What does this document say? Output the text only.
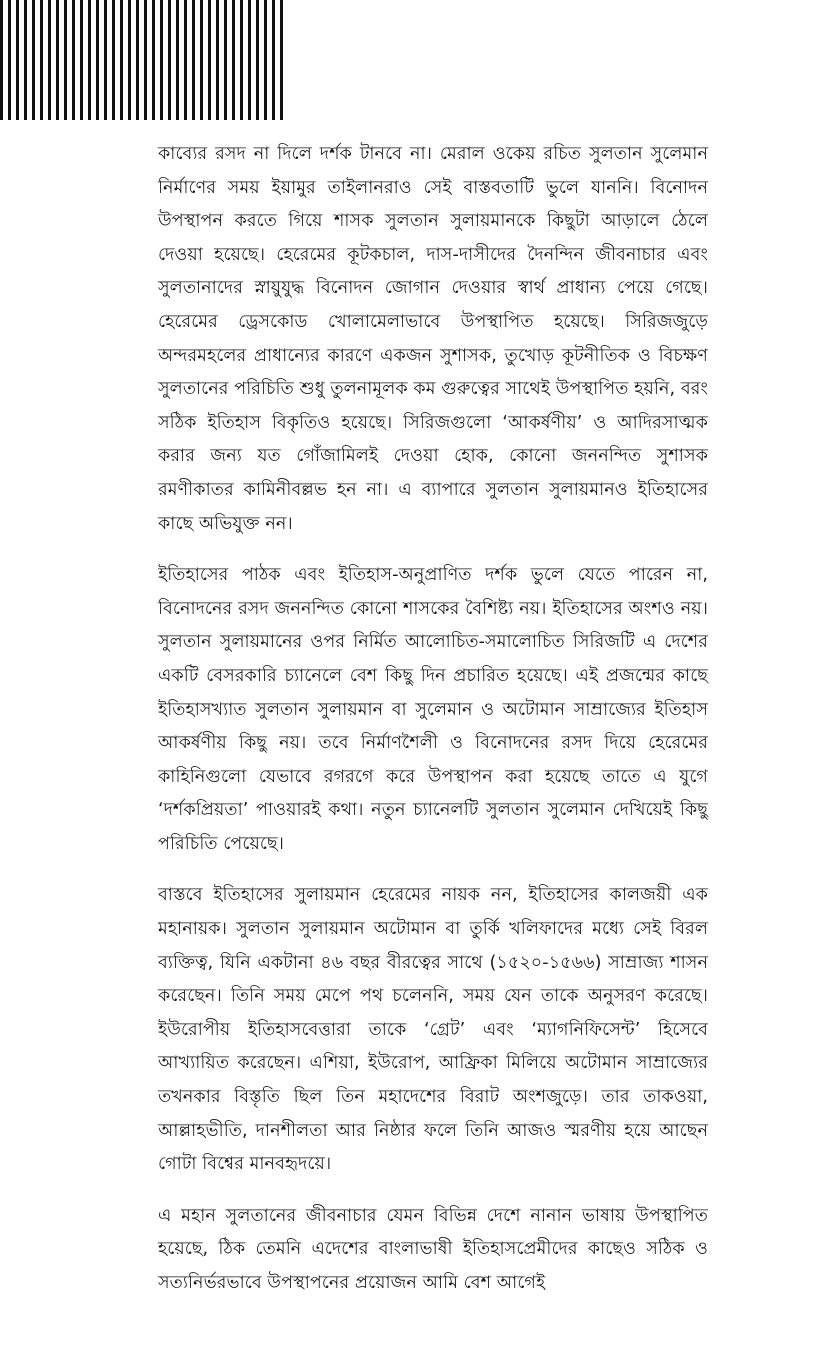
কাব্যের রসদ না দিলে দর্শক টানবে না। মেরাল ওকেয় রচিত সুলতান সুলেমান নির্মাণের সময় ইয়ামুর তাইলানরাও সেই বাস্তবতাটি ভুলে যাননি। বিনোদন উপস্থাপন করতে গিয়ে শাসক সুলতান সুলায়মানকে কিছুটা আড়ালে ঠেলে দেওয়া হয়েছে। হেরেমের কূটকচাল, দাস-দাসীদের দৈনন্দিন জীবনাচার এবং সুলতানাদের স্নায়ুযুদ্ধ বিনোদন জোগান দেওয়ার স্বার্থ প্রাধান্য পেয়ে গেছে। হেরেমের ড্রেসকোড খোলামেলাভাবে উপস্থাপিত হয়েছে। সিরিজজুড়ে অন্দরমহলের প্রাধান্যের কারণে একজন সুশাসক, তুখোড় কূটনীতিক ও বিচক্ষণ সুলতানের পরিচিতি শুধু তুলনামূলক কম গুরুত্বের সাথেই উপস্থাপিত হয়নি, বরং সঠিক ইতিহাস বিকৃতিও হয়েছে। সিরিজগুলো ‘আকর্ষণীয়’ ও আদিরসাত্মক করার জন্য যত গোঁজামিলই দেওয়া হোক, কোনো জননন্দিত সুশাসক রমণীকাতর কামিনীবল্লভ হন না। এ ব্যাপারে সুলতান সুলায়মানও ইতিহাসের কাছে অভিযুক্ত নন।

ইতিহাসের পাঠক এবং ইতিহাস-অনুপ্রাণিত দর্শক ভুলে যেতে পারেন না, বিনোদনের রসদ জননন্দিত কোনো শাসকের বৈশিষ্ট্য নয়। ইতিহাসের অংশও নয়। সুলতান সুলায়মানের ওপর নির্মিত আলোচিত-সমালোচিত সিরিজটি এ দেশের একটি বেসরকারি চ্যানেলে বেশ কিছু দিন প্রচারিত হয়েছে। এই প্রজন্মের কাছে ইতিহাসখ্যাত সুলতান সুলায়মান বা সুলেমান ও অটোমান সাম্রাজ্যের ইতিহাস আকর্ষণীয় কিছু নয়। তবে নির্মাণশৈলী ও বিনোদনের রসদ দিয়ে হেরেমের কাহিনিগুলো যেভাবে রগরগে করে উপস্থাপন করা হয়েছে তাতে এ যুগে ‘দর্শকপ্রিয়তা’ পাওয়ারই কথা। নতুন চ্যানেলটি সুলতান সুলেমান দেখিয়েই কিছু পরিচিতি পেয়েছে।

বাস্তবে ইতিহাসের সুলায়মান হেরেমের নায়ক নন, ইতিহাসের কালজয়ী এক মহানায়ক। সুলতান সুলায়মান অটোমান বা তুর্কি খলিফাদের মধ্যে সেই বিরল ব্যক্তিত্ব, যিনি একটানা ৪৬ বছর বীরত্বের সাথে (১৫২০-১৫৬৬) সাম্রাজ্য শাসন করেছেন। তিনি সময় মেপে পথ চলেননি, সময় যেন তাকে অনুসরণ করেছে। ইউরোপীয় ইতিহাসবেত্তারা তাকে ‘গ্রেট’ এবং ‘ম্যাগনিফিসেন্ট’ হিসেবে আখ্যায়িত করেছেন। এশিয়া, ইউরোপ, আফ্রিকা মিলিয়ে অটোমান সাম্রাজ্যের তখনকার বিস্তৃতি ছিল তিন মহাদেশের বিরাট অংশজুড়ে। তার তাকওয়া, আল্লাহভীতি, দানশীলতা আর নিষ্ঠার ফলে তিনি আজও স্মরণীয় হয়ে আছেন গোটা বিশ্বের মানবহৃদয়ে।

এ মহান সুলতানের জীবনাচার যেমন বিভিন্ন দেশে নানান ভাষায় উপস্থাপিত হয়েছে, ঠিক তেমনি এদেশের বাংলাভাষী ইতিহাসপ্রেমীদের কাছেও সঠিক ও সত্যনির্ভরভাবে উপস্থাপনের প্রয়োজন আমি বেশ আগেই
